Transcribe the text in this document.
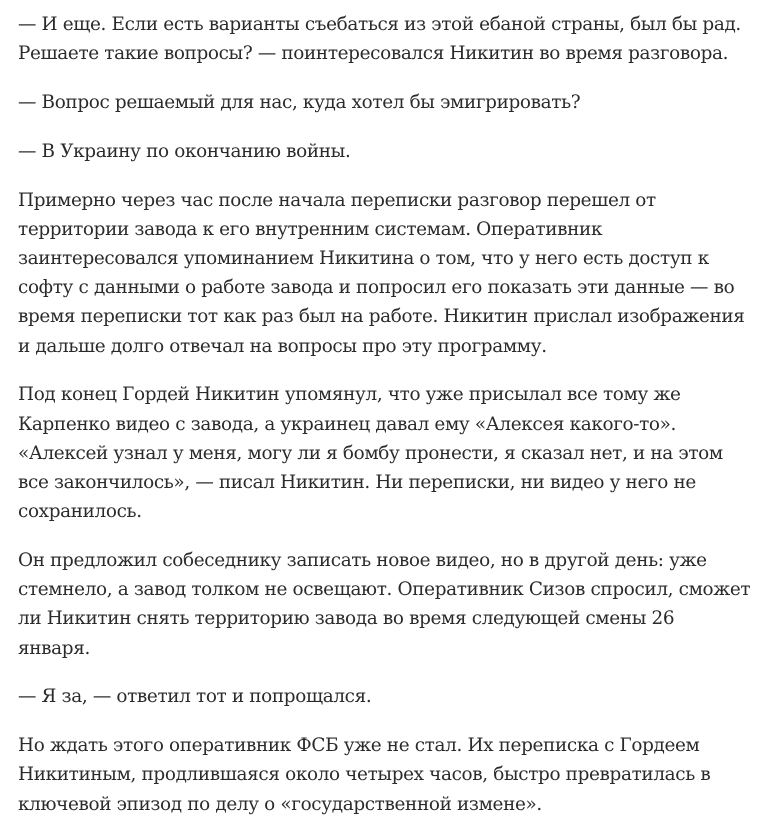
— И еще. Если есть варианты съебаться из этой ебаной страны, был бы рад.
Решаете такие вопросы? — поинтересовался Никитин во время разговора.

— Вопрос решаемый для нас, куда хотел бы эмигрировать?

— В Украину по окончанию войны.

Примерно через час после начала переписки разговор перешел от
территории завода к его внутренним системам. Оперативник
заинтересовался упоминанием Никитина о том, что у него есть доступ к
софту с данными о работе завода и попросил его показать эти данные — во
время переписки тот как раз был на работе. Никитин прислал изображения
и дальше долго отвечал на вопросы про эту программу.

Под конец Гордей Никитин упомянул, что уже присылал все тому же
Карпенко видео с завода, а украинец давал ему «Алексея какого-то».
«Алексей узнал у меня, могу ли я бомбу пронести, я сказал нет, и на этом
все закончилось», — писал Никитин. Ни переписки, ни видео у него не
сохранилось.

Он предложил собеседнику записать новое видео, но в другой день: уже
стемнело, а завод толком не освещают. Оперативник Сизов спросил, сможет
ли Никитин снять территорию завода во время следующей смены 26
января.

— Я за, — ответил тот и попрощался.

Но ждать этого оперативник ФСБ уже не стал. Их переписка с Гордеем
Никитиным, продлившаяся около четырех часов, быстро превратилась в
ключевой эпизод по делу о «государственной измене».
